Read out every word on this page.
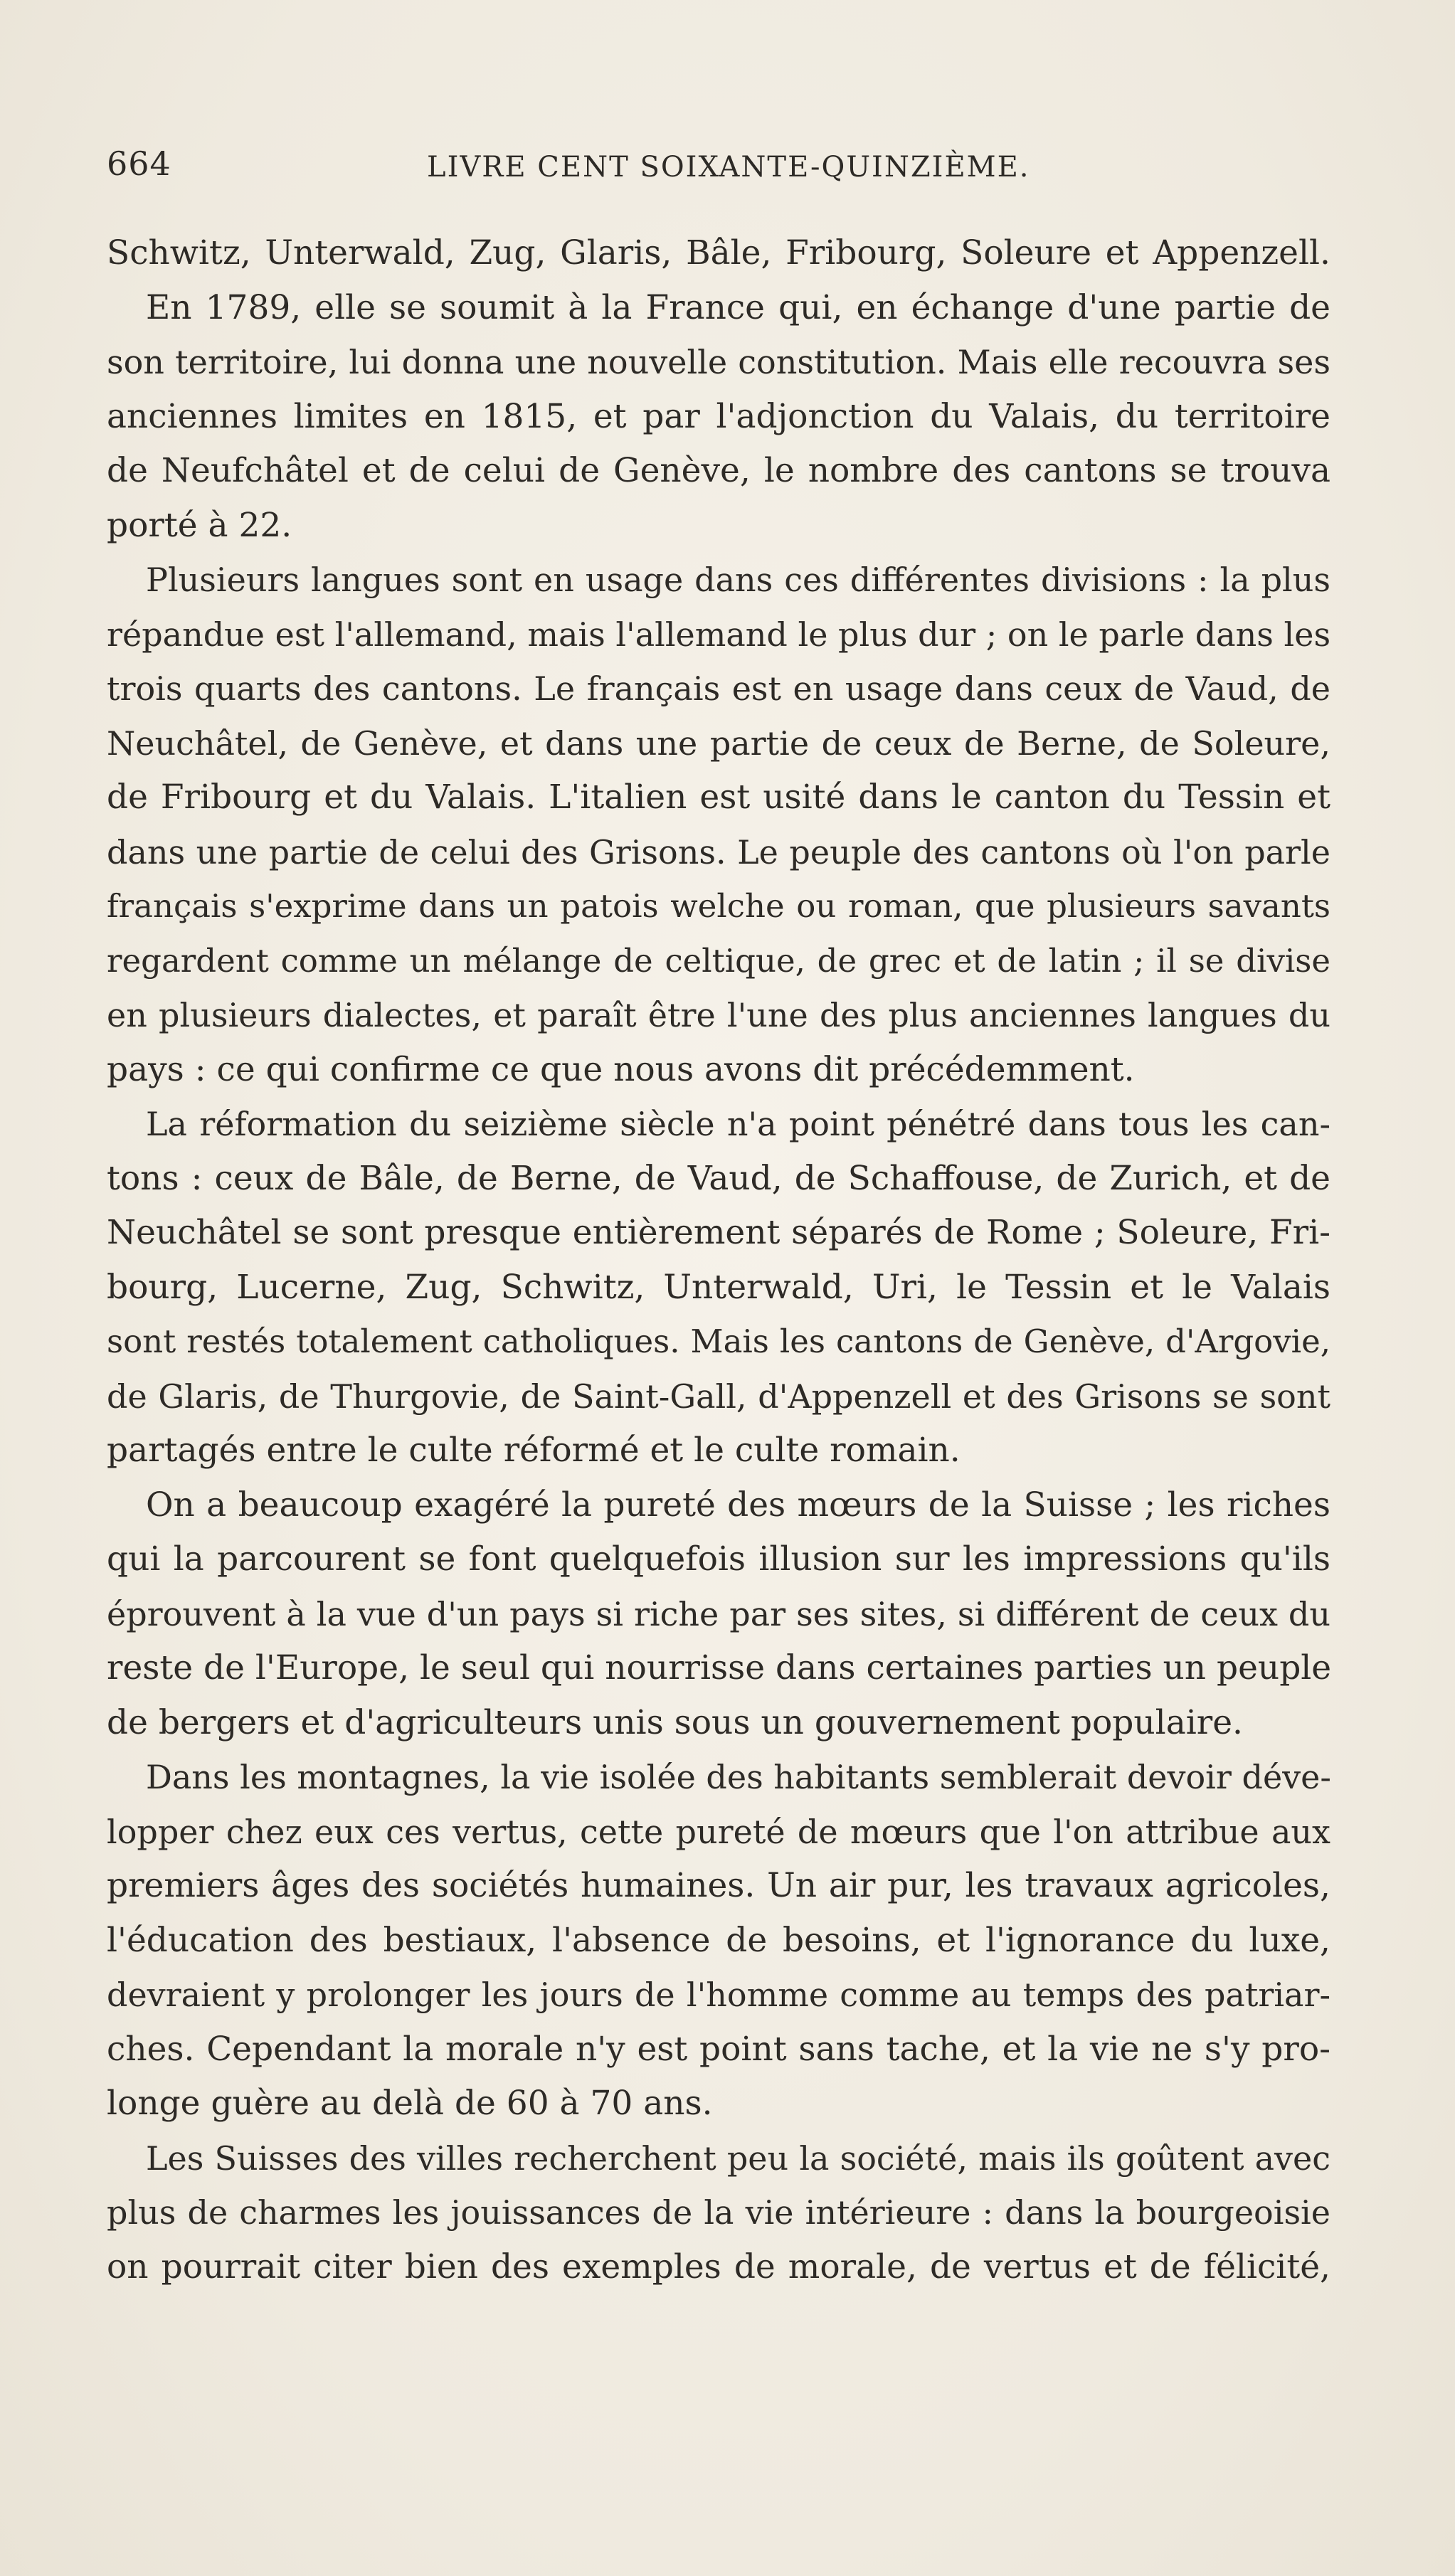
664	LIVRE CENT SOIXANTE-QUINZIÈME.
Schwitz, Unterwald, Zug, Glaris, Bâle, Fribourg, Soleure et Appenzell.
En 1789, elle se soumit à la France qui, en échange d'une partie de
son territoire, lui donna une nouvelle constitution. Mais elle recouvra ses
anciennes limites en 1815, et par l'adjonction du Valais, du territoire
de Neufchâtel et de celui de Genève, le nombre des cantons se trouva
porté à 22.
Plusieurs langues sont en usage dans ces différentes divisions : la plus
répandue est l'allemand, mais l'allemand le plus dur ; on le parle dans les
trois quarts des cantons. Le français est en usage dans ceux de Vaud, de
Neuchâtel, de Genève, et dans une partie de ceux de Berne, de Soleure,
de Fribourg et du Valais. L'italien est usité dans le canton du Tessin et
dans une partie de celui des Grisons. Le peuple des cantons où l'on parle
français s'exprime dans un patois welche ou roman, que plusieurs savants
regardent comme un mélange de celtique, de grec et de latin ; il se divise
en plusieurs dialectes, et paraît être l'une des plus anciennes langues du
pays : ce qui confirme ce que nous avons dit précédemment.
La réformation du seizième siècle n'a point pénétré dans tous les can-
tons : ceux de Bâle, de Berne, de Vaud, de Schaffouse, de Zurich, et de
Neuchâtel se sont presque entièrement séparés de Rome ; Soleure, Fri-
bourg, Lucerne, Zug, Schwitz, Unterwald, Uri, le Tessin et le Valais
sont restés totalement catholiques. Mais les cantons de Genève, d'Argovie,
de Glaris, de Thurgovie, de Saint-Gall, d'Appenzell et des Grisons se sont
partagés entre le culte réformé et le culte romain.
On a beaucoup exagéré la pureté des mœurs de la Suisse ; les riches
qui la parcourent se font quelquefois illusion sur les impressions qu'ils
éprouvent à la vue d'un pays si riche par ses sites, si différent de ceux du
reste de l'Europe, le seul qui nourrisse dans certaines parties un peuple
de bergers et d'agriculteurs unis sous un gouvernement populaire.
Dans les montagnes, la vie isolée des habitants semblerait devoir déve-
lopper chez eux ces vertus, cette pureté de mœurs que l'on attribue aux
premiers âges des sociétés humaines. Un air pur, les travaux agricoles,
l'éducation des bestiaux, l'absence de besoins, et l'ignorance du luxe,
devraient y prolonger les jours de l'homme comme au temps des patriar-
ches. Cependant la morale n'y est point sans tache, et la vie ne s'y pro-
longe guère au delà de 60 à 70 ans.
Les Suisses des villes recherchent peu la société, mais ils goûtent avec
plus de charmes les jouissances de la vie intérieure : dans la bourgeoisie
on pourrait citer bien des exemples de morale, de vertus et de félicité,
